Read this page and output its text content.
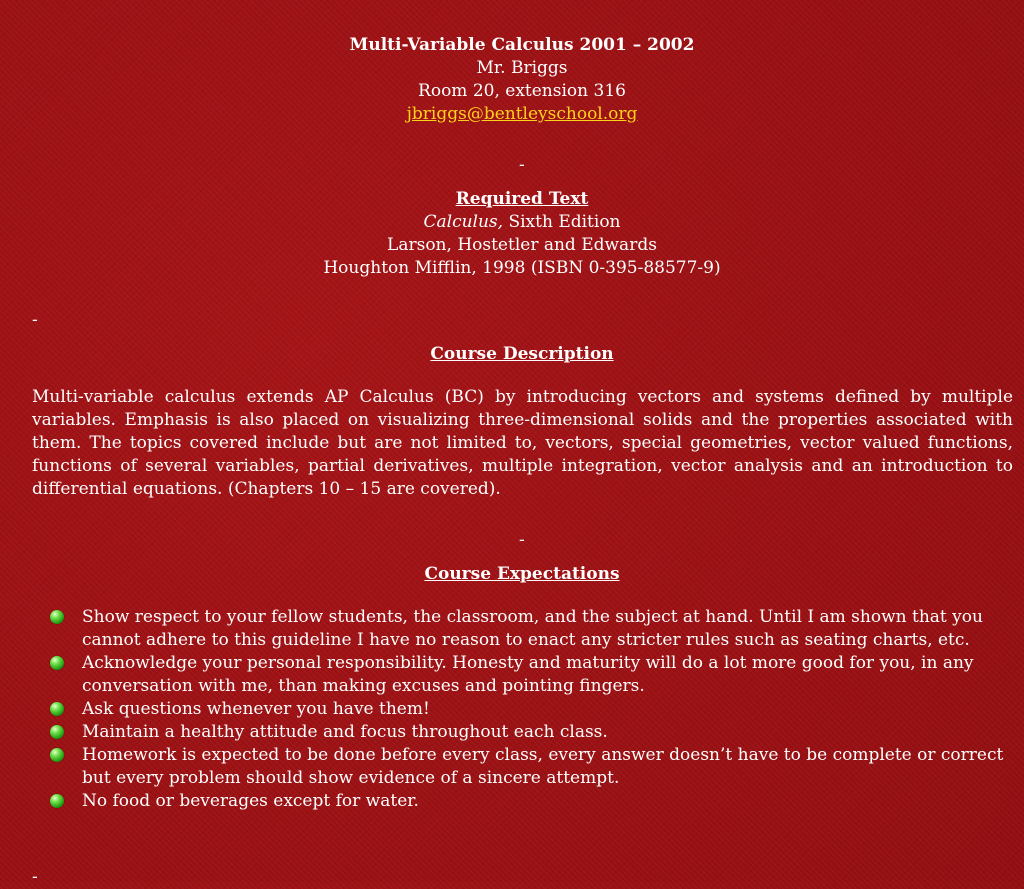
Multi-Variable Calculus 2001 – 2002
Mr. Briggs
Room 20, extension 316
jbriggs@bentleyschool.org
-
Required Text
Calculus, Sixth Edition
Larson, Hostetler and Edwards
Houghton Mifflin, 1998 (ISBN 0-395-88577-9)
-
Course Description
Multi-variable calculus extends AP Calculus (BC) by introducing vectors and systems defined by multiple variables. Emphasis is also placed on visualizing three-dimensional solids and the properties associated with them. The topics covered include but are not limited to, vectors, special geometries, vector valued functions, functions of several variables, partial derivatives, multiple integration, vector analysis and an introduction to differential equations. (Chapters 10 – 15 are covered).
-
Course Expectations
Show respect to your fellow students, the classroom, and the subject at hand. Until I am shown that you cannot adhere to this guideline I have no reason to enact any stricter rules such as seating charts, etc.
Acknowledge your personal responsibility. Honesty and maturity will do a lot more good for you, in any conversation with me, than making excuses and pointing fingers.
Ask questions whenever you have them!
Maintain a healthy attitude and focus throughout each class.
Homework is expected to be done before every class, every answer doesn’t have to be complete or correct but every problem should show evidence of a sincere attempt.
No food or beverages except for water.
-
